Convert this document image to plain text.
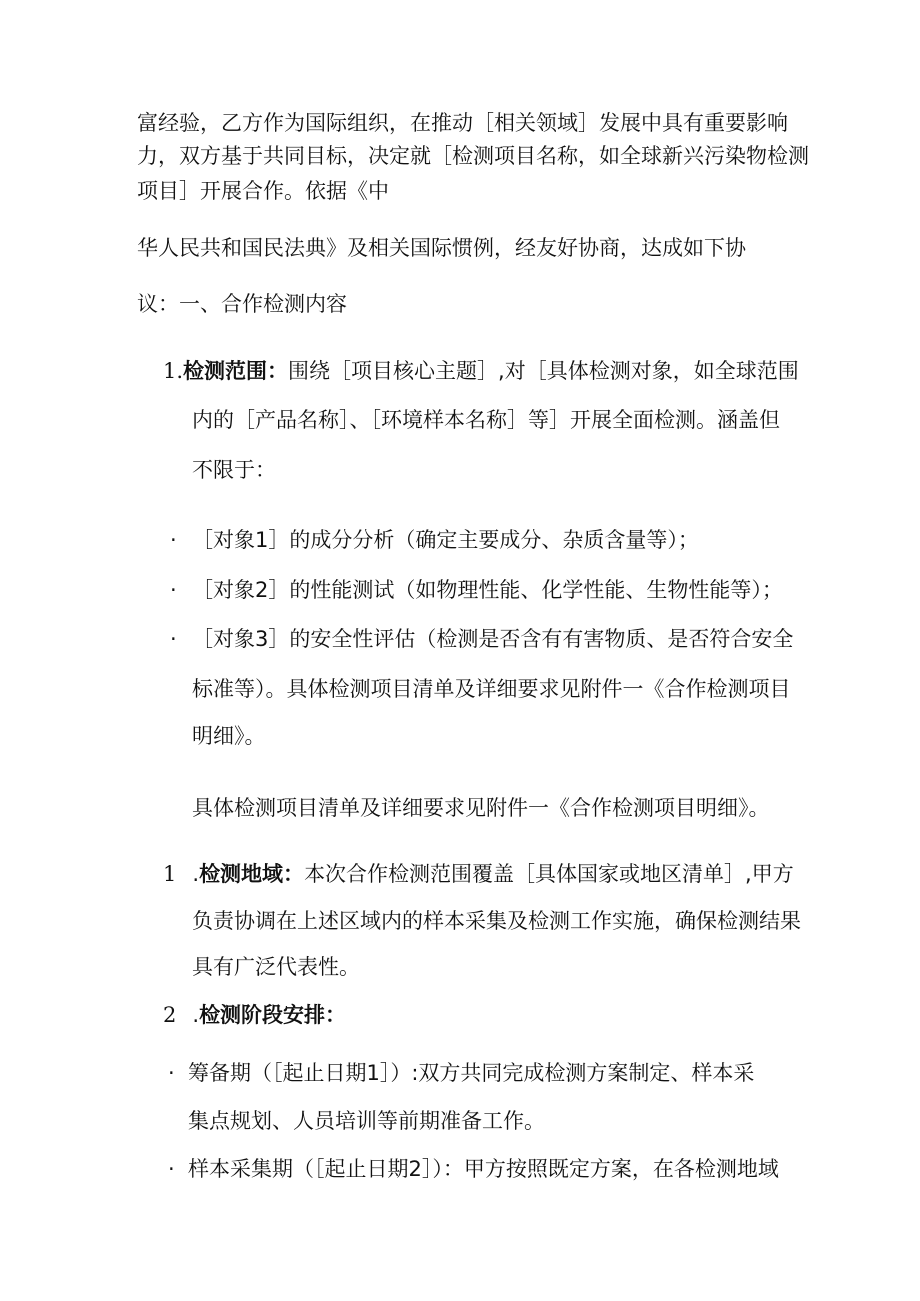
富经验，乙方作为国际组织，在推动［相关领域］发展中具有重要影响
力，双方基于共同目标，决定就［检测项目名称，如全球新兴污染物检测
项目］开展合作。依据《中
华人民共和国民法典》及相关国际惯例，经友好协商，达成如下协
议：一、合作检测内容
1.检测范围：围绕［项目核心主题］,对［具体检测对象，如全球范围
内的［产品名称］、［环境样本名称］等］开展全面检测。涵盖但
不限于：
· ［对象1］的成分分析（确定主要成分、杂质含量等）；
· ［对象2］的性能测试（如物理性能、化学性能、生物性能等）；
· ［对象3］的安全性评估（检测是否含有有害物质、是否符合安全
标准等）。具体检测项目清单及详细要求见附件一《合作检测项目
明细》。
具体检测项目清单及详细要求见附件一《合作检测项目明细》。
1 .检测地域：本次合作检测范围覆盖［具体国家或地区清单］,甲方
负责协调在上述区域内的样本采集及检测工作实施，确保检测结果
具有广泛代表性。
2 .检测阶段安排：
· 筹备期（［起止日期1］）:双方共同完成检测方案制定、样本采
集点规划、人员培训等前期准备工作。
· 样本采集期（［起止日期2］）：甲方按照既定方案，在各检测地域
